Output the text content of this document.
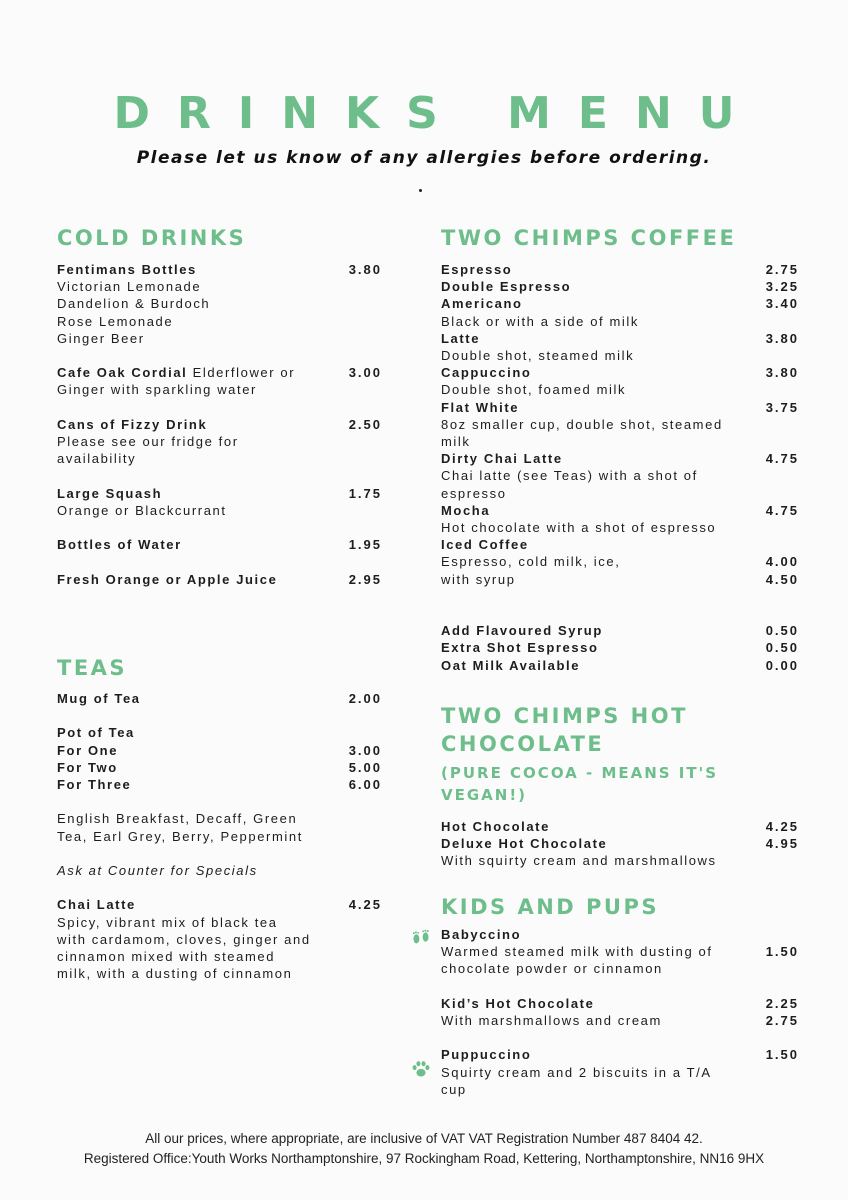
DRINKS MENU
Please let us know of any allergies before ordering.
COLD DRINKS
Fentimans Bottles	3.80
Victorian Lemonade
Dandelion & Burdoch
Rose Lemonade
Ginger Beer
Cafe Oak Cordial Elderflower or	3.00
Ginger with sparkling water
Cans of Fizzy Drink	2.50
Please see our fridge for
availability
Large Squash	1.75
Orange or Blackcurrant
Bottles of Water	1.95
Fresh Orange or Apple Juice	2.95
TEAS
Mug of Tea	2.00
Pot of Tea
For One	3.00
For Two	5.00
For Three	6.00
English Breakfast, Decaff, Green
Tea, Earl Grey, Berry, Peppermint
Ask at Counter for Specials
Chai Latte	4.25
Spicy, vibrant mix of black tea
with cardamom, cloves, ginger and
cinnamon mixed with steamed
milk, with a dusting of cinnamon
TWO CHIMPS COFFEE
Espresso	2.75
Double Espresso	3.25
Americano	3.40
Black or with a side of milk
Latte	3.80
Double shot, steamed milk
Cappuccino	3.80
Double shot, foamed milk
Flat White	3.75
8oz smaller cup, double shot, steamed
milk
Dirty Chai Latte	4.75
Chai latte (see Teas) with a shot of
espresso
Mocha	4.75
Hot chocolate with a shot of espresso
Iced Coffee
Espresso, cold milk, ice,	4.00
with syrup	4.50
Add Flavoured Syrup	0.50
Extra Shot Espresso	0.50
Oat Milk Available	0.00
TWO CHIMPS HOT CHOCOLATE
(PURE COCOA - MEANS IT'S VEGAN!)
Hot Chocolate	4.25
Deluxe Hot Chocolate	4.95
With squirty cream and marshmallows
KIDS AND PUPS
Babyccino
Warmed steamed milk with dusting of	1.50
chocolate powder or cinnamon
Kid’s Hot Chocolate	2.25
With marshmallows and cream	2.75
Puppuccino	1.50
Squirty cream and 2 biscuits in a T/A
cup
All our prices, where appropriate, are inclusive of VAT VAT Registration Number 487 8404 42.
Registered Office:Youth Works Northamptonshire, 97 Rockingham Road, Kettering, Northamptonshire, NN16 9HX
